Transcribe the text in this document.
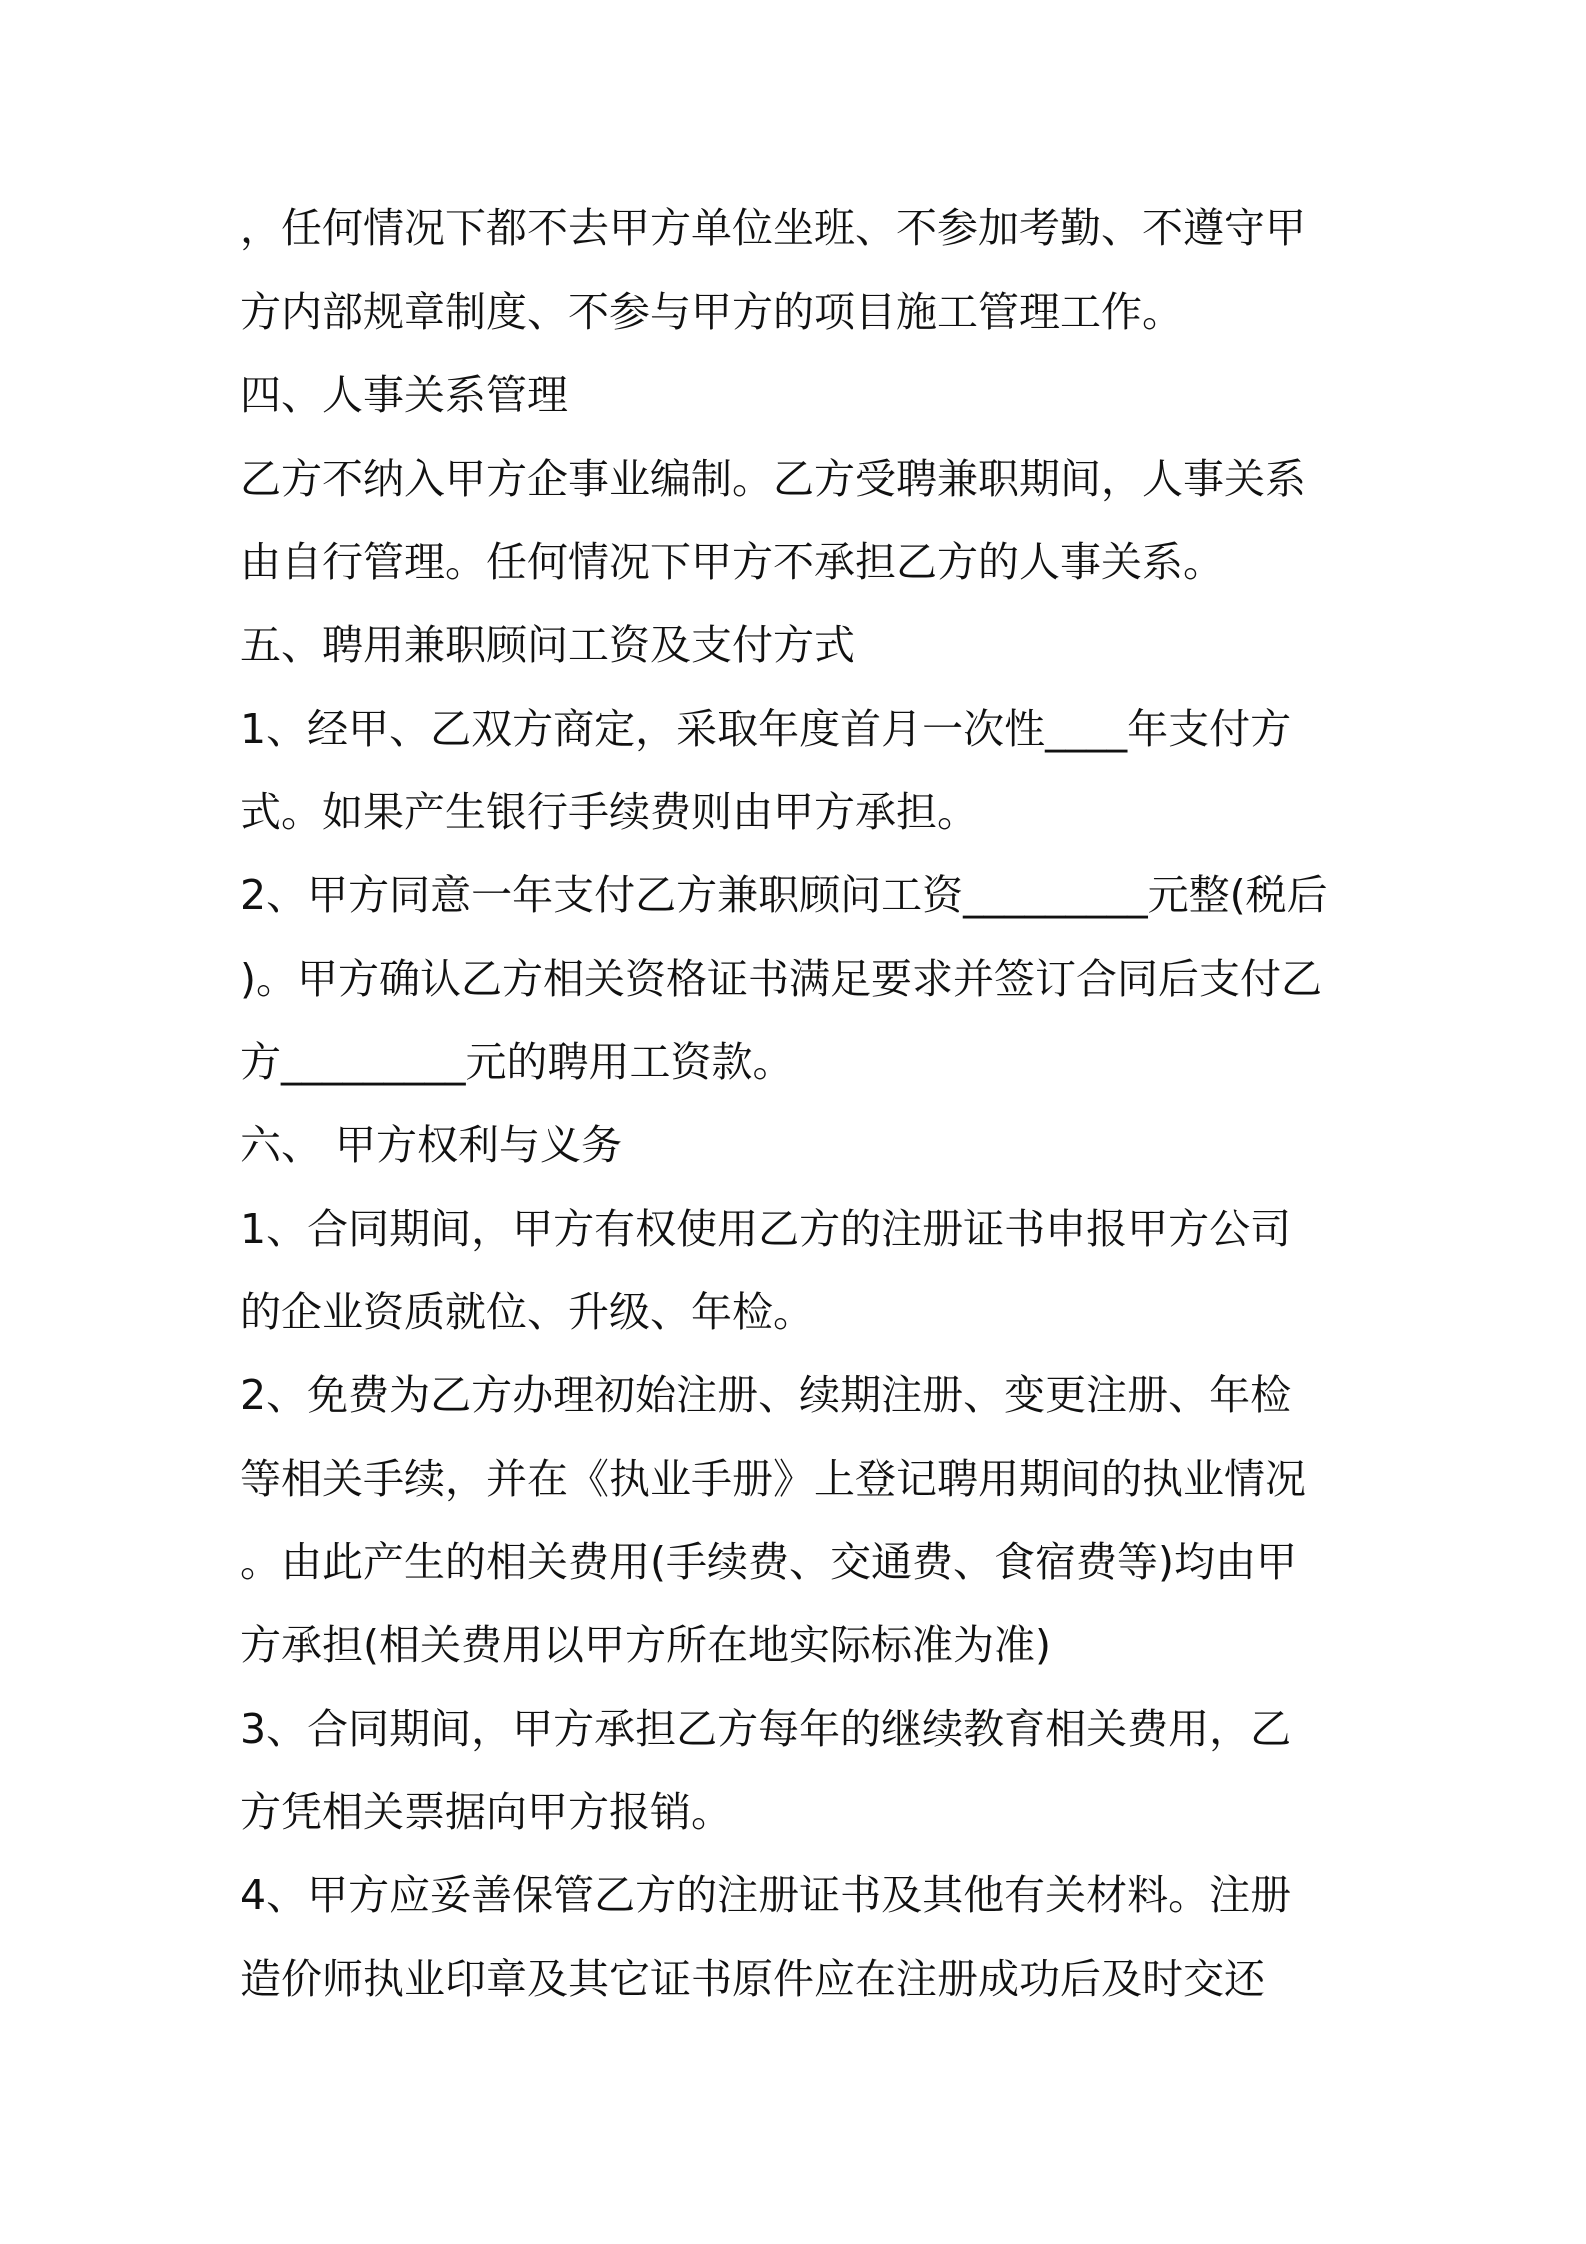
，任何情况下都不去甲方单位坐班、不参加考勤、不遵守甲
方内部规章制度、不参与甲方的项目施工管理工作。
四、人事关系管理
乙方不纳入甲方企事业编制。乙方受聘兼职期间，人事关系
由自行管理。任何情况下甲方不承担乙方的人事关系。
五、聘用兼职顾问工资及支付方式
1、经甲、乙双方商定，采取年度首月一次性____年支付方
式。如果产生银行手续费则由甲方承担。
2、甲方同意一年支付乙方兼职顾问工资_________元整(税后
)。甲方确认乙方相关资格证书满足要求并签订合同后支付乙
方_________元的聘用工资款。
六、 甲方权利与义务
1、合同期间，甲方有权使用乙方的注册证书申报甲方公司
的企业资质就位、升级、年检。
2、免费为乙方办理初始注册、续期注册、变更注册、年检
等相关手续，并在《执业手册》上登记聘用期间的执业情况
。由此产生的相关费用(手续费、交通费、食宿费等)均由甲
方承担(相关费用以甲方所在地实际标准为准)
3、合同期间，甲方承担乙方每年的继续教育相关费用，乙
方凭相关票据向甲方报销。
4、甲方应妥善保管乙方的注册证书及其他有关材料。注册
造价师执业印章及其它证书原件应在注册成功后及时交还
